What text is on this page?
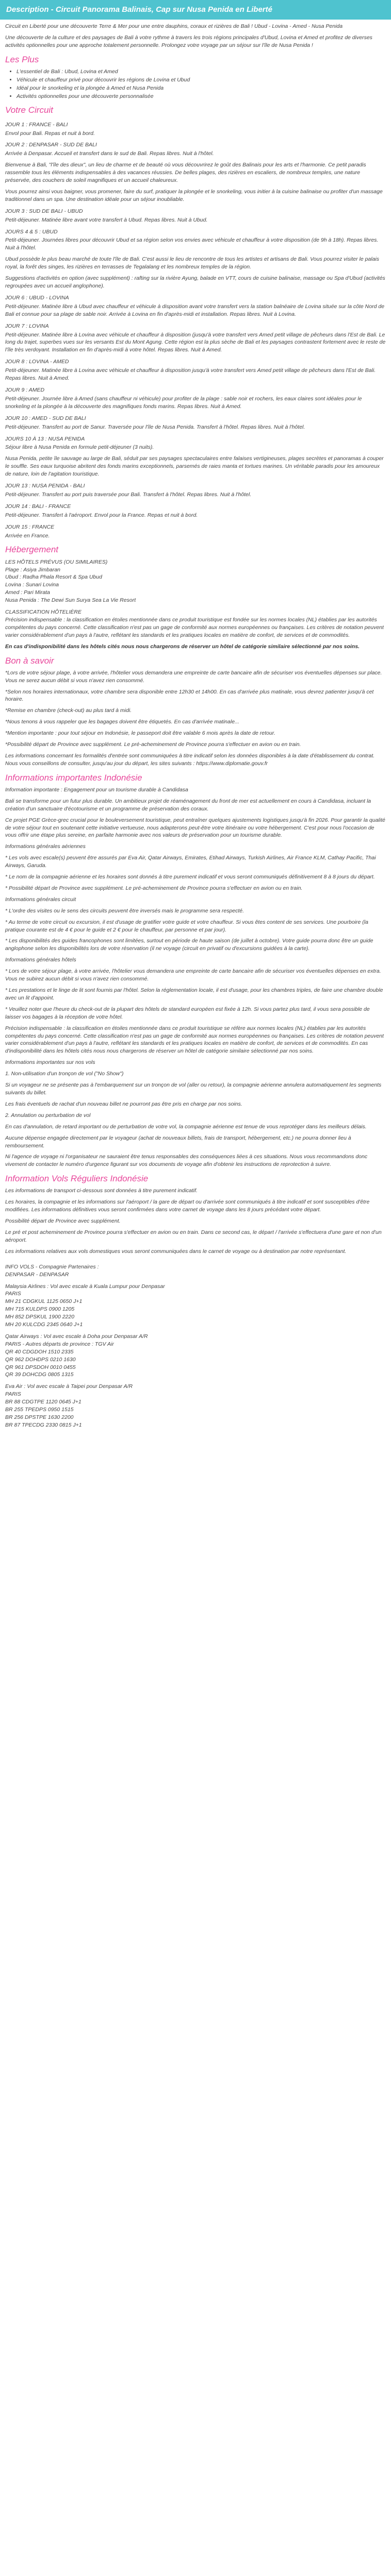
Description - Circuit Panorama Balinais, Cap sur Nusa Penida en Liberté

Circuit en Liberté pour une découverte Terre & Mer pour une entre dauphins, coraux et rizières de Bali ! Ubud - Lovina - Amed - Nusa Penida

Une découverte de la culture et des paysages de Bali à votre rythme à travers les trois régions principales d'Ubud, Lovina et Amed et profitez de diverses activités optionnelles pour une approche totalement personnelle. Prolongez votre voyage par un séjour sur l'île de Nusa Penida !

Les Plus
• L'essentiel de Bali : Ubud, Lovina et Amed
• Véhicule et chauffeur privé pour découvrir les régions de Lovina et Ubud
• Idéal pour le snorkeling et la plongée à Amed et Nusa Penida
• Activités optionnelles pour une découverte personnalisée
Votre Circuit
JOUR 1 : FRANCE - BALI

Envol pour Bali. Repas et nuit à bord.

JOUR 2 : DENPASAR - SUD DE BALI

Arrivée à Denpasar. Accueil et transfert dans le sud de Bali. Repas libres. Nuit à l'hôtel.

Bienvenue à Bali, "l'île des dieux", un lieu de charme et de beauté où vous découvrirez le goût des Balinais pour les arts et l'harmonie. Ce petit paradis rassemble tous les éléments indispensables à des vacances réussies. De belles plages, des rizières en escaliers, de nombreux temples, une nature préservée, des couchers de soleil magnifiques et un accueil chaleureux.

Vous pourrez ainsi vous baigner, vous promener, faire du surf, pratiquer la plongée et le snorkeling, vous initier à la cuisine balinaise ou profiter d'un massage traditionnel dans un spa. Une destination idéale pour un séjour inoubliable.

JOUR 3 : SUD DE BALI - UBUD

Petit-déjeuner. Matinée libre avant votre transfert à Ubud. Repas libres. Nuit à Ubud.

JOURS 4 & 5 : UBUD

Petit-déjeuner. Journées libres pour découvrir Ubud et sa région selon vos envies avec véhicule et chauffeur à votre disposition (de 9h à 18h). Repas libres. Nuit à l'hôtel.

Ubud possède le plus beau marché de toute l'île de Bali. C'est aussi le lieu de rencontre de tous les artistes et artisans de Bali. Vous pourrez visiter le palais royal, la forêt des singes, les rizières en terrasses de Tegalalang et les nombreux temples de la région.

Suggestions d'activités en option (avec supplément) : rafting sur la rivière Ayung, balade en VTT, cours de cuisine balinaise, massage ou Spa d'Ubud (activités regroupées avec un accueil anglophone).

JOUR 6 : UBUD - LOVINA

Petit-déjeuner. Matinée libre à Ubud avec chauffeur et véhicule à disposition avant votre transfert vers la station balnéaire de Lovina située sur la côte Nord de Bali et connue pour sa plage de sable noir. Arrivée à Lovina en fin d'après-midi et installation. Repas libres. Nuit à Lovina.

JOUR 7 : LOVINA

Petit-déjeuner. Matinée libre à Lovina avec véhicule et chauffeur à disposition (jusqu'à votre transfert vers Amed petit village de pêcheurs dans l'Est de Bali. Le long du trajet, superbes vues sur les versants Est du Mont Agung. Cette région est la plus sèche de Bali et les paysages contrastent fortement avec le reste de l'île très verdoyant. Installation en fin d'après-midi à votre hôtel. Repas libres. Nuit à Amed.

JOUR 8 : LOVINA - AMED

Petit-déjeuner. Matinée libre à Lovina avec véhicule et chauffeur à disposition jusqu'à votre transfert vers Amed petit village de pêcheurs dans l'Est de Bali. Repas libres. Nuit à Amed.

JOUR 9 : AMED

Petit-déjeuner. Journée libre à Amed (sans chauffeur ni véhicule) pour profiter de la plage : sable noir et rochers, les eaux claires sont idéales pour le snorkeling et la plongée à la découverte des magnifiques fonds marins. Repas libres. Nuit à Amed.

JOUR 10 : AMED - SUD DE BALI

Petit-déjeuner. Transfert au port de Sanur. Traversée pour l'île de Nusa Penida. Transfert à l'hôtel. Repas libres. Nuit à l'hôtel.

JOURS 10 À 13 : NUSA PENIDA

Séjour libre à Nusa Penida en formule petit-déjeuner (3 nuits).

Nusa Penida, petite île sauvage au large de Bali, séduit par ses paysages spectaculaires entre falaises vertigineuses, plages secrètes et panoramas à couper le souffle. Ses eaux turquoise abritent des fonds marins exceptionnels, parsemés de raies manta et tortues marines. Un véritable paradis pour les amoureux de nature, loin de l'agitation touristique.

JOUR 13 : NUSA PENIDA - BALI

Petit-déjeuner. Transfert au port puis traversée pour Bali. Transfert à l'hôtel. Repas libres. Nuit à l'hôtel.

JOUR 14 : BALI - FRANCE

Petit-déjeuner. Transfert à l'aéroport. Envol pour la France. Repas et nuit à bord.

JOUR 15 : FRANCE

Arrivée en France.

Hébergement

LES HÔTELS PRÉVUS (OU SIMILAIRES)

Plage : Asiya Jimbaran

Ubud : Radha Phala Resort & Spa Ubud

Lovina : Sunari Lovina

Amed : Pari Mirata

Nusa Penida : The Dewi Sun Surya Sea La Vie Resort

CLASSIFICATION HÔTELIÈRE

Précision indispensable : la classification en étoiles mentionnée dans ce produit touristique est fondée sur les normes locales (NL) établies par les autorités compétentes du pays concerné. Cette classification n'est pas un gage de conformité aux normes européennes ou françaises. Les critères de notation peuvent varier considérablement d'un pays à l'autre, reflétant les standards et les pratiques locales en matière de confort, de services et de commodités.

En cas d'indisponibilité dans les hôtels cités nous nous chargerons de réserver un hôtel de catégorie similaire sélectionné par nos soins.

Bon à savoir

*Lors de votre séjour plage, à votre arrivée, l'hôtelier vous demandera une empreinte de carte bancaire afin de sécuriser vos éventuelles dépenses sur place. Vous ne serez aucun débit si vous n'avez rien consommé.

*Selon nos horaires internationaux, votre chambre sera disponible entre 12h30 et 14h00. En cas d'arrivée plus matinale, vous devrez patienter jusqu'à cet horaire.

*Remise en chambre (check-out) au plus tard à midi.

*Nous tenons à vous rappeler que les bagages doivent être étiquetés. En cas d'arrivée matinale...

*Mention importante : pour tout séjour en Indonésie, le passeport doit être valable 6 mois après la date de retour.

*Possibilité départ de Province avec supplément. Le pré-acheminement de Province pourra s'effectuer en avion ou en train.

Les informations concernant les formalités d'entrée sont communiquées à titre indicatif selon les données disponibles à la date d'établissement du contrat. Nous vous conseillons de consulter, jusqu'au jour du départ, les sites suivants : https://www.diplomatie.gouv.fr

Informations importantes Indonésie

Information importante : Engagement pour un tourisme durable à Candidasa

Bali se transforme pour un futur plus durable. Un ambitieux projet de réaménagement du front de mer est actuellement en cours à Candidasa, incluant la création d'un sanctuaire d'écotourisme et un programme de préservation des coraux.

Ce projet PGE Grèce-grec crucial pour le bouleversement touristique, peut entraîner quelques ajustements logistiques jusqu'à fin 2026. Pour garantir la qualité de votre séjour tout en soutenant cette initiative vertueuse, nous adapterons peut-être votre itinéraire ou votre hébergement. C'est pour nous l'occasion de vous offrir une étape plus sereine, en parfaite harmonie avec nos valeurs de préservation pour un tourisme durable.

Informations générales aériennes

* Les vols avec escale(s) peuvent être assurés par Eva Air, Qatar Airways, Emirates, Etihad Airways, Turkish Airlines, Air France KLM, Cathay Pacific, Thai Airways, Garuda.

* Le nom de la compagnie aérienne et les horaires sont donnés à titre purement indicatif et vous seront communiqués définitivement 8 à 8 jours du départ.

* Possibilité départ de Province avec supplément. Le pré-acheminement de Province pourra s'effectuer en avion ou en train.

Informations générales circuit

* L'ordre des visites ou le sens des circuits peuvent être inversés mais le programme sera respecté.

* Au terme de votre circuit ou excursion, il est d'usage de gratifier votre guide et votre chauffeur. Si vous êtes content de ses services. Une pourboire (la pratique courante est de 4 € pour le guide et 2 € pour le chauffeur, par personne et par jour).

* Les disponibilités des guides francophones sont limitées, surtout en période de haute saison (de juillet à octobre). Votre guide pourra donc être un guide anglophone selon les disponibilités lors de votre réservation (il ne voyage (circuit en privatif ou d'excursions guidées à la carte).

Informations générales hôtels

* Lors de votre séjour plage, à votre arrivée, l'hôtelier vous demandera une empreinte de carte bancaire afin de sécuriser vos éventuelles dépenses en extra. Vous ne subirez aucun débit si vous n'avez rien consommé.

* Les prestations et le linge de lit sont fournis par l'hôtel. Selon la réglementation locale, il est d'usage, pour les chambres triples, de faire une chambre double avec un lit d'appoint.

* Veuillez noter que l'heure du check-out de la plupart des hôtels de standard européen est fixée à 12h. Si vous partez plus tard, il vous sera possible de laisser vos bagages à la réception de votre hôtel.

Précision indispensable : la classification en étoiles mentionnée dans ce produit touristique se réfère aux normes locales (NL) établies par les autorités compétentes du pays concerné. Cette classification n'est pas un gage de conformité aux normes européennes ou françaises. Les critères de notation peuvent varier considérablement d'un pays à l'autre, reflétant les standards et les pratiques locales en matière de confort, de services et de commodités. En cas d'indisponibilité dans les hôtels cités nous nous chargerons de réserver un hôtel de catégorie similaire sélectionné par nos soins.

Informations importantes sur nos vols

1. Non-utilisation d'un tronçon de vol ("No Show")

Si un voyageur ne se présente pas à l'embarquement sur un tronçon de vol (aller ou retour), la compagnie aérienne annulera automatiquement les segments suivants du billet.

Les frais éventuels de rachat d'un nouveau billet ne pourront pas être pris en charge par nos soins.

2. Annulation ou perturbation de vol

En cas d'annulation, de retard important ou de perturbation de votre vol, la compagnie aérienne est tenue de vous reprotéger dans les meilleurs délais.

Aucune dépense engagée directement par le voyageur (achat de nouveaux billets, frais de transport, hébergement, etc.) ne pourra donner lieu à remboursement.

Ni l'agence de voyage ni l'organisateur ne sauraient être tenus responsables des conséquences liées à ces situations. Nous vous recommandons donc vivement de contacter le numéro d'urgence figurant sur vos documents de voyage afin d'obtenir les instructions de reprotection à suivre.

Information Vols Réguliers Indonésie

Les informations de transport ci-dessous sont données à titre purement indicatif.

Les horaires, la compagnie et les informations sur l'aéroport / la gare de départ ou d'arrivée sont communiqués à titre indicatif et sont susceptibles d'être modifiées. Les informations définitives vous seront confirmées dans votre carnet de voyage dans les 8 jours précédant votre départ.

Possibilité départ de Province avec supplément.

Le pré et post acheminement de Province pourra s'effectuer en avion ou en train. Dans ce second cas, le départ / l'arrivée s'effectuera d'une gare et non d'un aéroport.

Les informations relatives aux vols domestiques vous seront communiquées dans le carnet de voyage ou à destination par notre représentant.

INFO VOLS - Compagnie Partenaires :

DENPASAR - DENPASAR

Malaysia Airlines : Vol avec escale à Kuala Lumpur pour Denpasar

PARIS

MH 21 CDGKUL 1125 0650 J+1

MH 715 KULDPS 0900 1205

MH 852 DPSKUL 1900 2220

MH 20 KULCDG 2345 0640 J+1

Qatar Airways : Vol avec escale à Doha pour Denpasar A/R

PARIS - Autres départs de province : TGV Air

QR 40 CDGDOH 1510 2335

QR 962 DOHDPS 0210 1630

QR 961 DPSDOH 0010 0455

QR 39 DOHCDG 0805 1315

Eva Air : Vol avec escale à Taipei pour Denpasar A/R

PARIS

BR 88 CDGTPE 1120 0645 J+1

BR 255 TPEDPS 0950 1515

BR 256 DPSTPE 1630 2200

BR 87 TPECDG 2330 0815 J+1
